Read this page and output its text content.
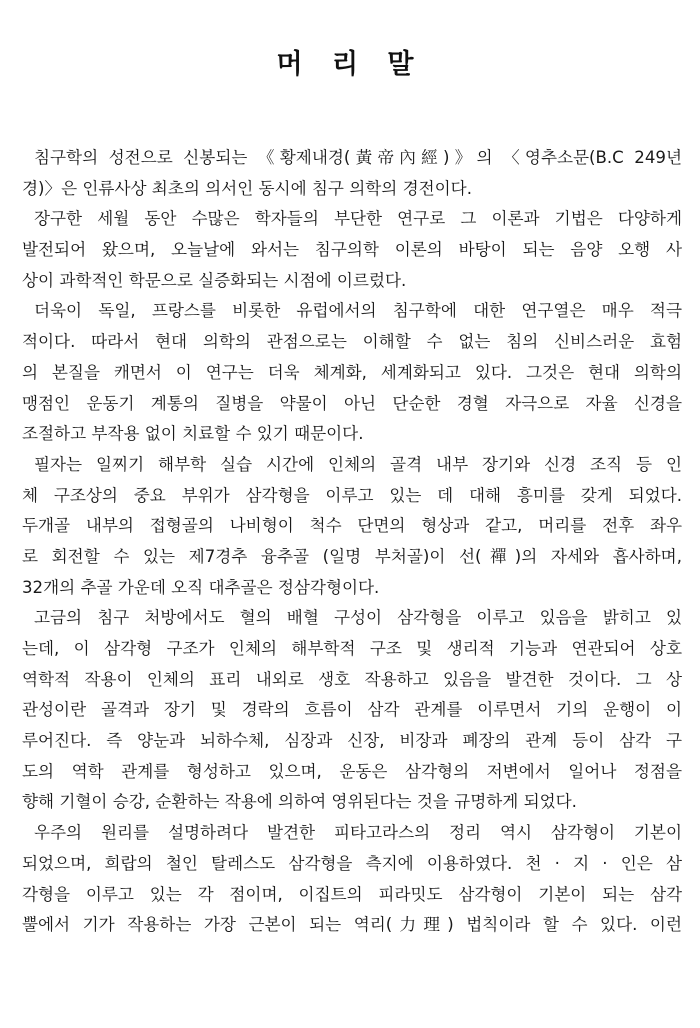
머 리 말
침구학의 성전으로 신봉되는 《황제내경(黃帝內經)》의 〈영추소문(B.C 249년
경)〉은 인류사상 최초의 의서인 동시에 침구 의학의 경전이다.
장구한 세월 동안 수많은 학자들의 부단한 연구로 그 이론과 기법은 다양하게
발전되어 왔으며, 오늘날에 와서는 침구의학 이론의 바탕이 되는 음양 오행 사
상이 과학적인 학문으로 실증화되는 시점에 이르렀다.
더욱이 독일, 프랑스를 비롯한 유럽에서의 침구학에 대한 연구열은 매우 적극
적이다. 따라서 현대 의학의 관점으로는 이해할 수 없는 침의 신비스러운 효험
의 본질을 캐면서 이 연구는 더욱 체계화, 세계화되고 있다. 그것은 현대 의학의
맹점인 운동기 계통의 질병을 약물이 아닌 단순한 경혈 자극으로 자율 신경을
조절하고 부작용 없이 치료할 수 있기 때문이다.
필자는 일찌기 해부학 실습 시간에 인체의 골격 내부 장기와 신경 조직 등 인
체 구조상의 중요 부위가 삼각형을 이루고 있는 데 대해 흥미를 갖게 되었다.
두개골 내부의 접형골의 나비형이 척수 단면의 형상과 같고, 머리를 전후 좌우
로 회전할 수 있는 제7경추 융추골 (일명 부처골)이 선(禪)의 자세와 흡사하며,
32개의 추골 가운데 오직 대추골은 정삼각형이다.
고금의 침구 처방에서도 혈의 배혈 구성이 삼각형을 이루고 있음을 밝히고 있
는데, 이 삼각형 구조가 인체의 해부학적 구조 및 생리적 기능과 연관되어 상호
역학적 작용이 인체의 표리 내외로 생호 작용하고 있음을 발견한 것이다. 그 상
관성이란 골격과 장기 및 경락의 흐름이 삼각 관계를 이루면서 기의 운행이 이
루어진다. 즉 양눈과 뇌하수체, 심장과 신장, 비장과 폐장의 관계 등이 삼각 구
도의 역학 관계를 형성하고 있으며, 운동은 삼각형의 저변에서 일어나 정점을
향해 기혈이 승강, 순환하는 작용에 의하여 영위된다는 것을 규명하게 되었다.
우주의 원리를 설명하려다 발견한 피타고라스의 정리 역시 삼각형이 기본이
되었으며, 희랍의 철인 탈레스도 삼각형을 측지에 이용하였다. 천 · 지 · 인은 삼
각형을 이루고 있는 각 점이며, 이집트의 피라밋도 삼각형이 기본이 되는 삼각
뿔에서 기가 작용하는 가장 근본이 되는 역리(力理) 법칙이라 할 수 있다. 이런
